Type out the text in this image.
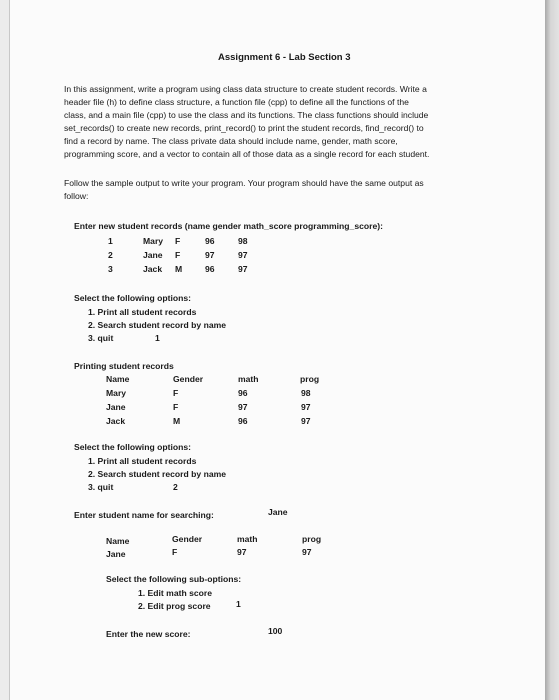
Assignment 6 - Lab Section 3
In this assignment, write a program using class data structure to create student records. Write a
header file (h) to define class structure, a function file (cpp) to define all the functions of the
class, and a main file (cpp) to use the class and its functions. The class functions should include
set_records() to create new records, print_record() to print the student records, find_record() to
find a record by name. The class private data should include name, gender, math score,
programming score, and a vector to contain all of those data as a single record for each student.
Follow the sample output to write your program. Your program should have the same output as
follow:
Enter new student records (name gender math_score programming_score):
1	Mary F	96	98
2	Jane F	97	97
3	Jack M	96	97
Select the following options:
1. Print all student records
2. Search student record by name
3. quit	1
Printing student records
Name	Gender	math	prog
Mary	F	96	98
Jane	F	97	97
Jack	M	96	97
Select the following options:
1. Print all student records
2. Search student record by name
3. quit	2
Enter student name for searching:	Jane
Name	Gender	math	prog
Jane	F	97	97
Select the following sub-options:
1. Edit math score
2. Edit prog score	1
Enter the new score:	100
